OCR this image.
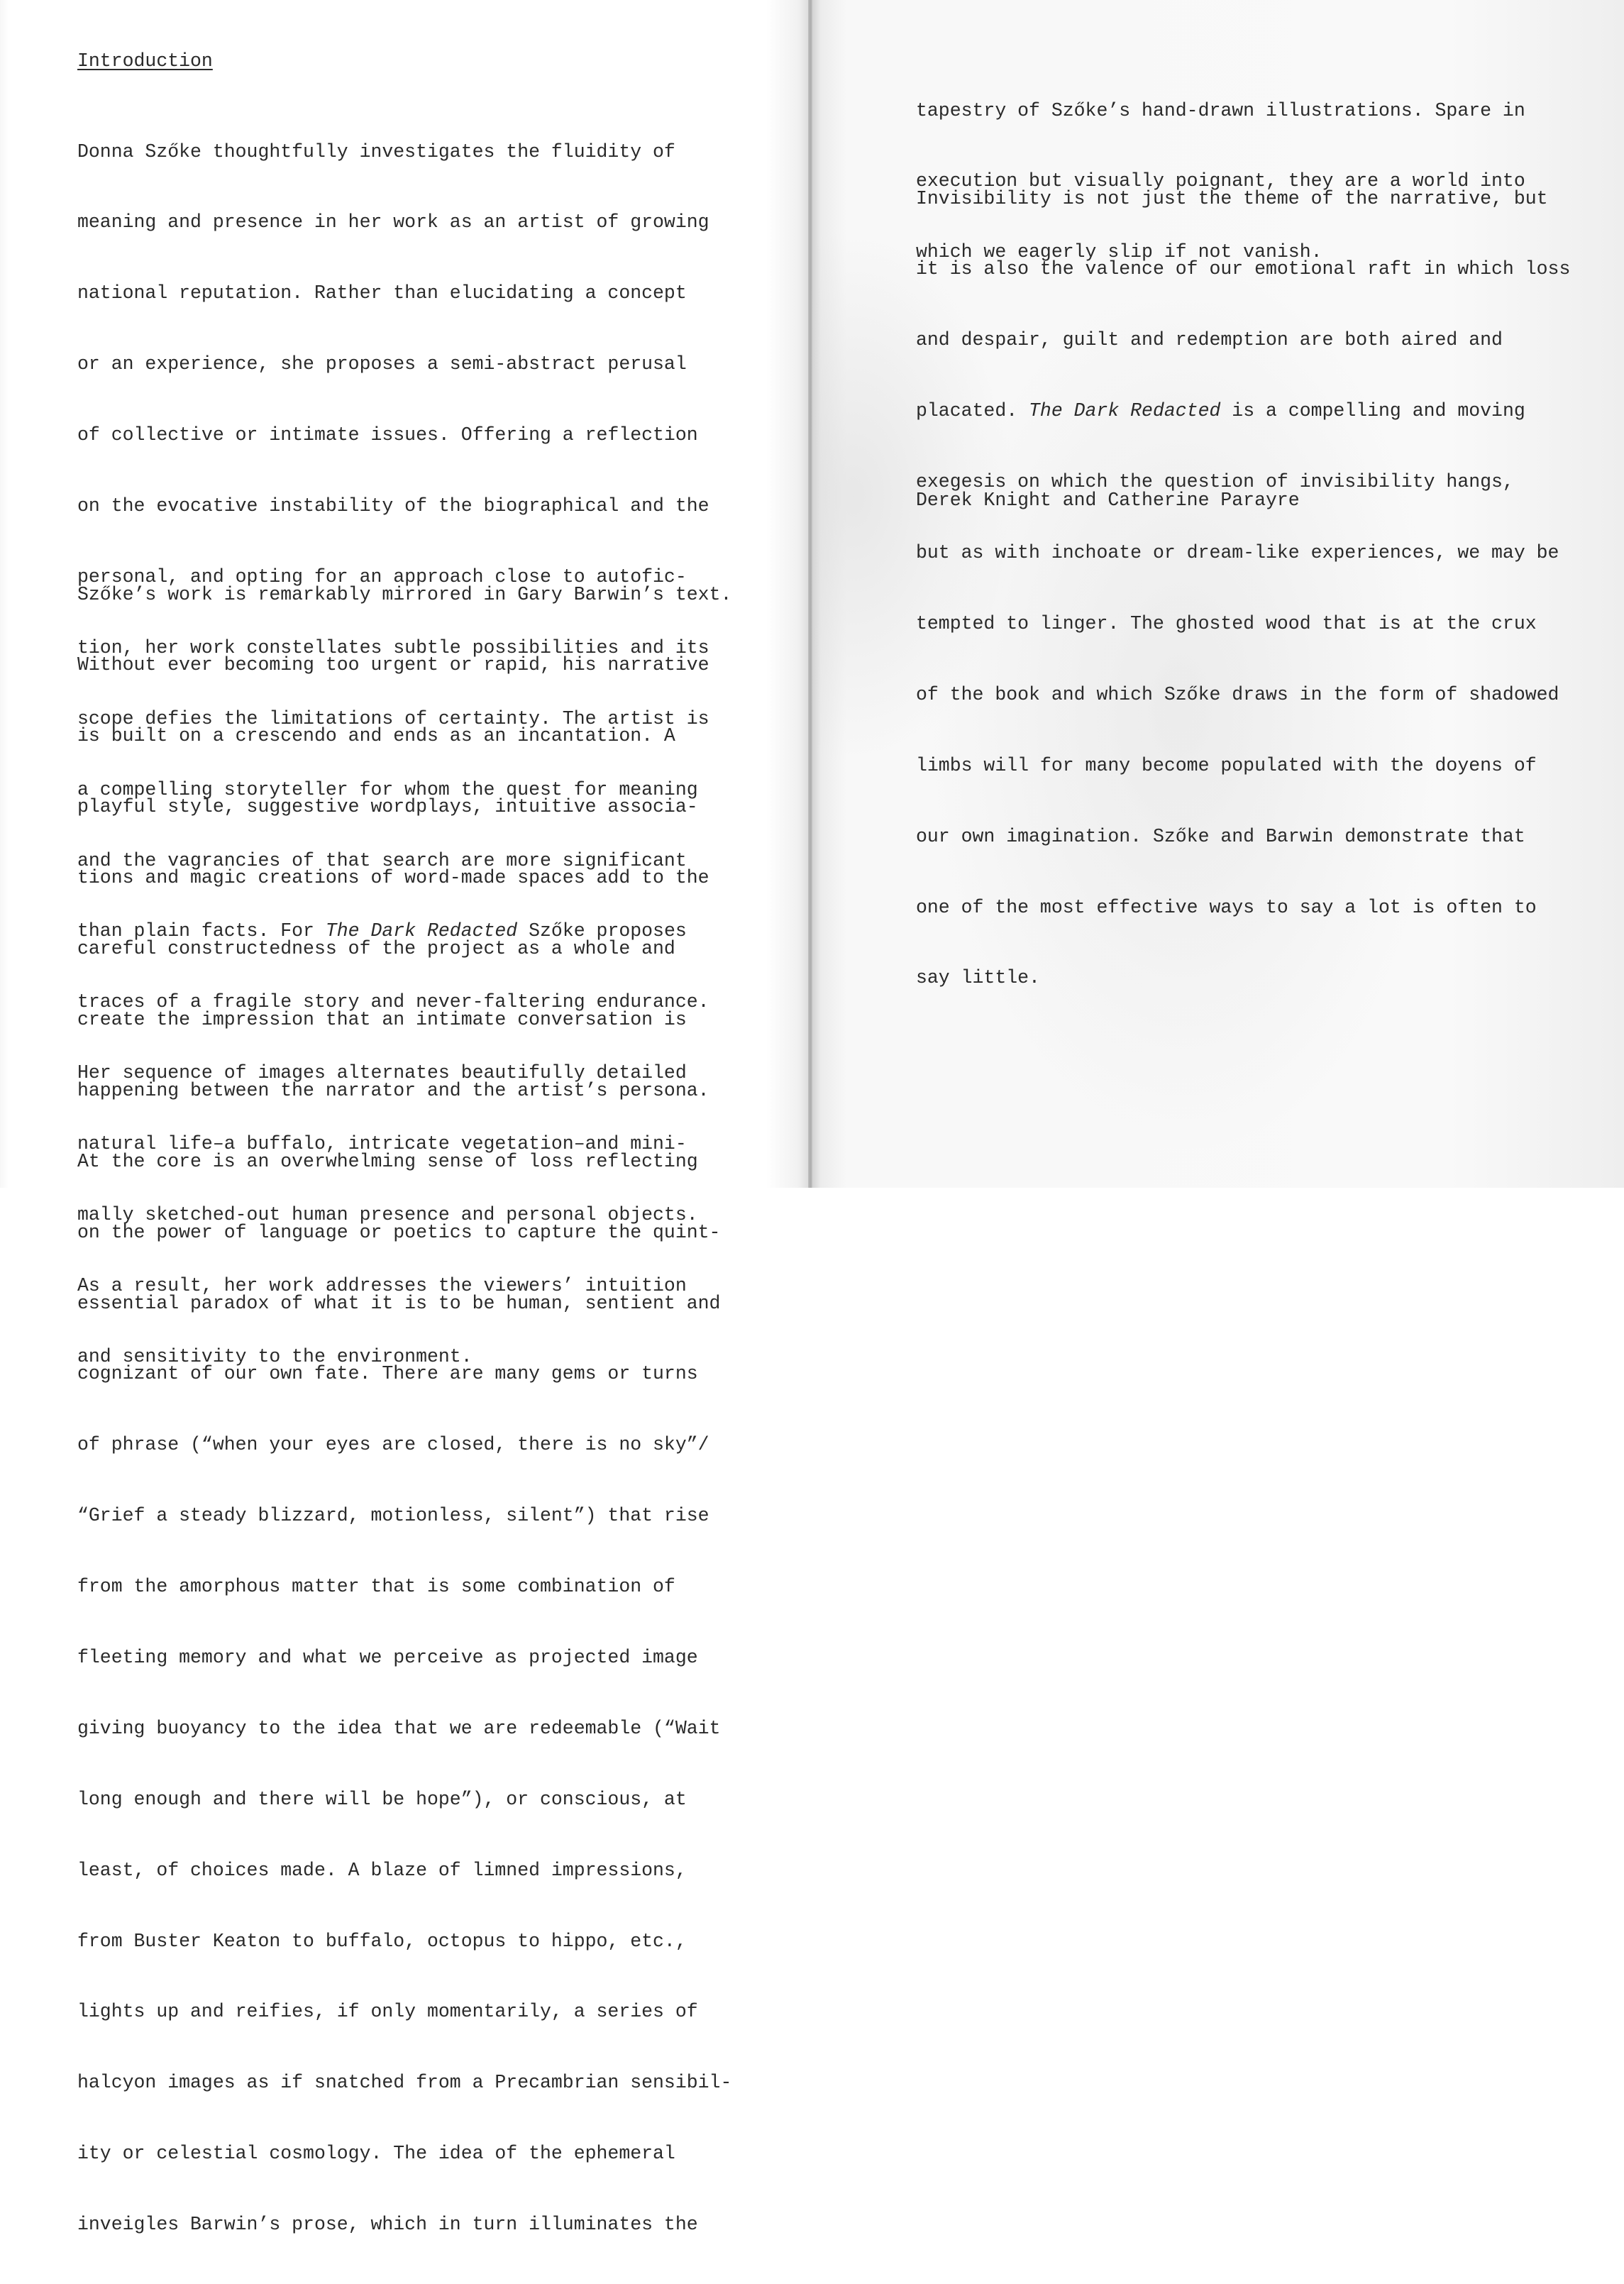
Introduction

Donna Szőke thoughtfully investigates the fluidity of

meaning and presence in her work as an artist of growing

national reputation. Rather than elucidating a concept

or an experience, she proposes a semi-abstract perusal

of collective or intimate issues. Offering a reflection

on the evocative instability of the biographical and the

personal, and opting for an approach close to autofic-

tion, her work constellates subtle possibilities and its

scope defies the limitations of certainty. The artist is

a compelling storyteller for whom the quest for meaning

and the vagrancies of that search are more significant

than plain facts. For The Dark Redacted Szőke proposes

traces of a fragile story and never-faltering endurance.

Her sequence of images alternates beautifully detailed

natural life–a buffalo, intricate vegetation–and mini-

mally sketched-out human presence and personal objects.

As a result, her work addresses the viewers’ intuition

and sensitivity to the environment.

Szőke’s work is remarkably mirrored in Gary Barwin’s text.

Without ever becoming too urgent or rapid, his narrative

is built on a crescendo and ends as an incantation. A

playful style, suggestive wordplays, intuitive associa-

tions and magic creations of word-made spaces add to the

careful constructedness of the project as a whole and

create the impression that an intimate conversation is

happening between the narrator and the artist’s persona.

At the core is an overwhelming sense of loss reflecting

on the power of language or poetics to capture the quint-

essential paradox of what it is to be human, sentient and

cognizant of our own fate. There are many gems or turns

of phrase (“when your eyes are closed, there is no sky”/

“Grief a steady blizzard, motionless, silent”) that rise

from the amorphous matter that is some combination of

fleeting memory and what we perceive as projected image

giving buoyancy to the idea that we are redeemable (“Wait

long enough and there will be hope”), or conscious, at

least, of choices made. A blaze of limned impressions,

from Buster Keaton to buffalo, octopus to hippo, etc.,

lights up and reifies, if only momentarily, a series of

halcyon images as if snatched from a Precambrian sensibil-

ity or celestial cosmology. The idea of the ephemeral

inveigles Barwin’s prose, which in turn illuminates the

tapestry of Szőke’s hand-drawn illustrations. Spare in

execution but visually poignant, they are a world into

which we eagerly slip if not vanish.

Invisibility is not just the theme of the narrative, but

it is also the valence of our emotional raft in which loss

and despair, guilt and redemption are both aired and

placated. The Dark Redacted is a compelling and moving

exegesis on which the question of invisibility hangs,

but as with inchoate or dream-like experiences, we may be

tempted to linger. The ghosted wood that is at the crux

of the book and which Szőke draws in the form of shadowed

limbs will for many become populated with the doyens of

our own imagination. Szőke and Barwin demonstrate that

one of the most effective ways to say a lot is often to

say little.

Derek Knight and Catherine Parayre
